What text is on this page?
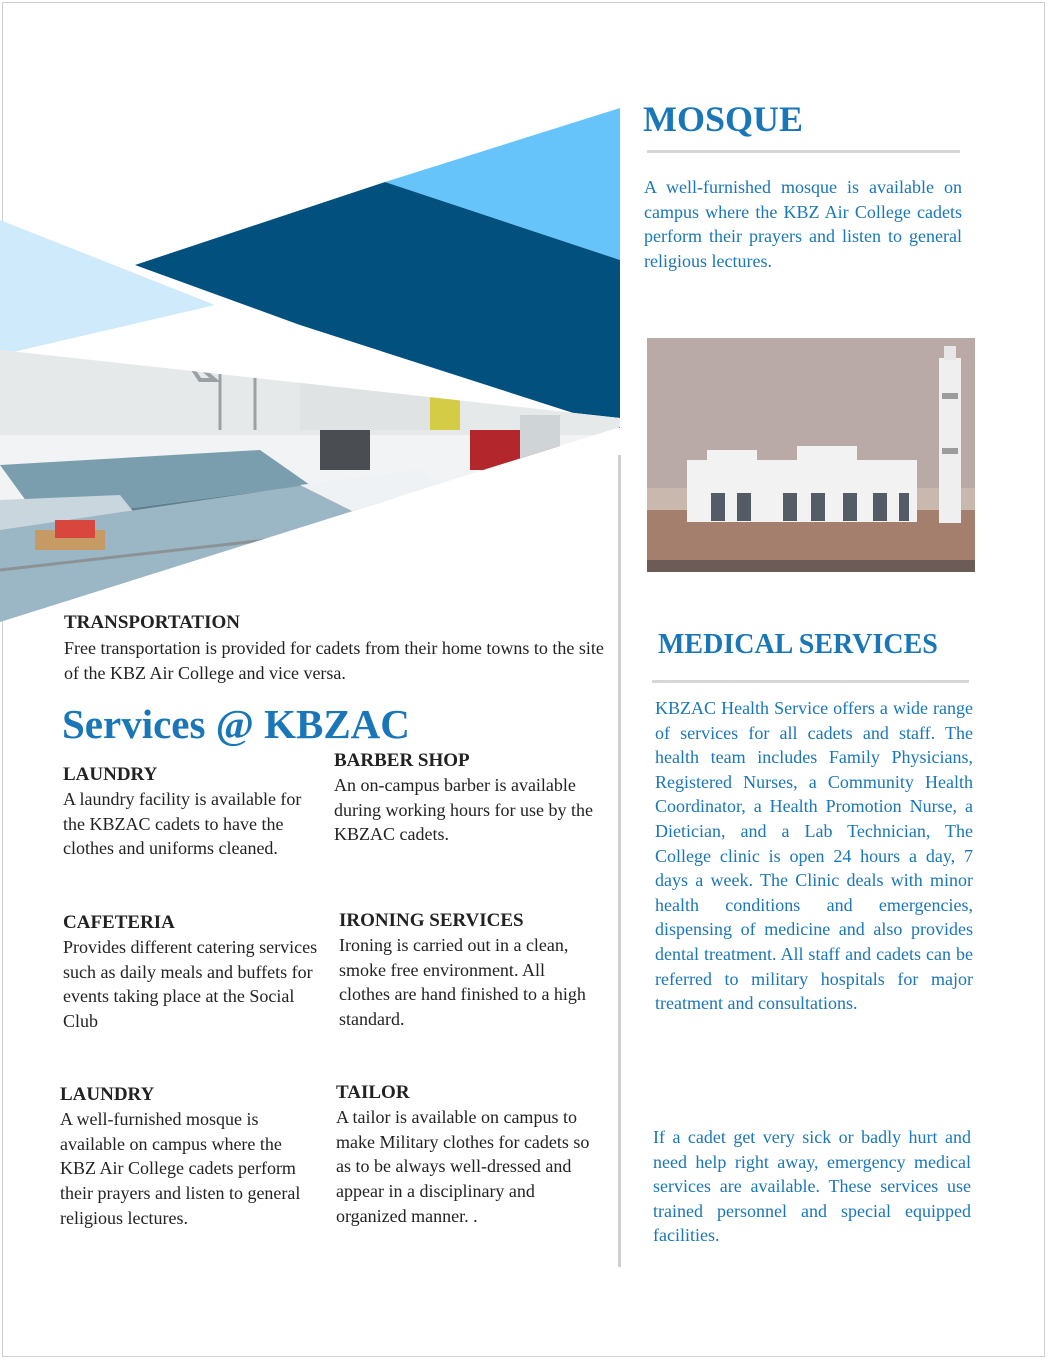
MOSQUE

A well-furnished mosque is available on campus where the KBZ Air College cadets perform their prayers and listen to general religious lectures.

MEDICAL SERVICES

KBZAC Health Service offers a wide range of services for all cadets and staff. The health team includes Family Physicians, Registered Nurses, a Community Health Coordinator, a Health Promotion Nurse, a Dietician, and a Lab Technician, The College clinic is open 24 hours a day, 7 days a week. The Clinic deals with minor health conditions and emergencies, dispensing of medicine and also provides dental treatment. All staff and cadets can be referred to military hospitals for major treatment and consultations.

If a cadet get very sick or badly hurt and need help right away, emergency medical services are available. These services use trained personnel and special equipped facilities.

TRANSPORTATION

Free transportation is provided for cadets from their home towns to the site of the KBZ Air College and vice versa.

Services @ KBZAC
LAUNDRY

A laundry facility is available for the KBZAC cadets to have the clothes and uniforms cleaned.

BARBER SHOP

An on-campus barber is available during working hours for use by the KBZAC cadets.

CAFETERIA

Provides different catering services such as daily meals and buffets for events taking place at the Social Club

IRONING SERVICES

Ironing is carried out in a clean, smoke free environment. All clothes are hand finished to a high standard.

LAUNDRY

A well-furnished mosque is available on campus where the KBZ Air College cadets perform their prayers and listen to general religious lectures.

TAILOR

A tailor is available on campus to make Military clothes for cadets so as to be always well-dressed and appear in a disciplinary and organized manner. .
